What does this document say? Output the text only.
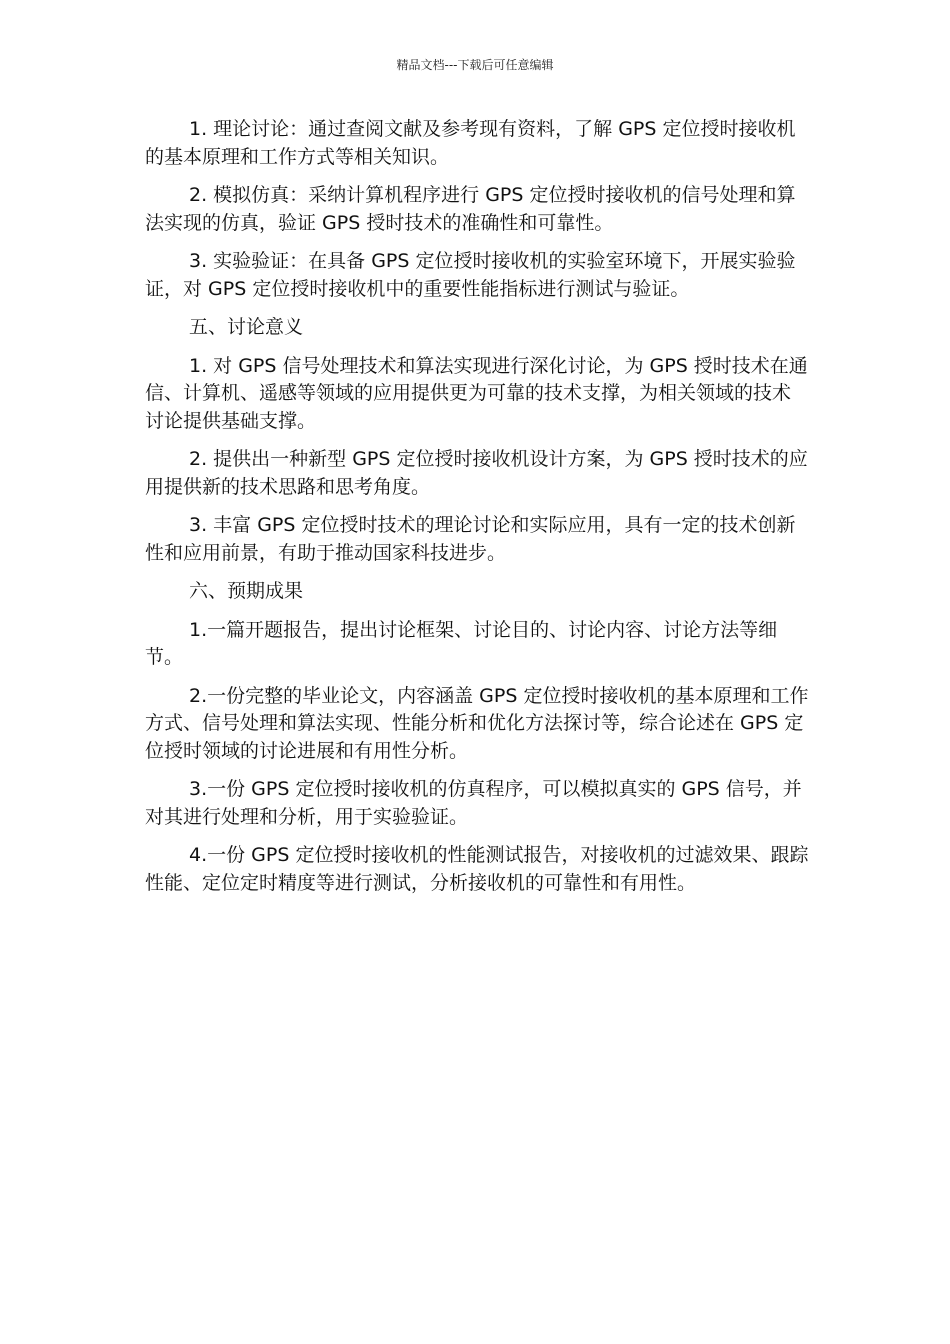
精品文档---下载后可任意编辑

1. 理论讨论：通过查阅文献及参考现有资料，了解 GPS 定位授时接收机的基本原理和工作方式等相关知识。

2. 模拟仿真：采纳计算机程序进行 GPS 定位授时接收机的信号处理和算法实现的仿真，验证 GPS 授时技术的准确性和可靠性。

3. 实验验证：在具备 GPS 定位授时接收机的实验室环境下，开展实验验证，对 GPS 定位授时接收机中的重要性能指标进行测试与验证。

五、讨论意义

1. 对 GPS 信号处理技术和算法实现进行深化讨论，为 GPS 授时技术在通信、计算机、遥感等领域的应用提供更为可靠的技术支撑，为相关领域的技术讨论提供基础支撑。

2. 提供出一种新型 GPS 定位授时接收机设计方案，为 GPS 授时技术的应用提供新的技术思路和思考角度。

3. 丰富 GPS 定位授时技术的理论讨论和实际应用，具有一定的技术创新性和应用前景，有助于推动国家科技进步。

六、预期成果

1.一篇开题报告，提出讨论框架、讨论目的、讨论内容、讨论方法等细节。

2.一份完整的毕业论文，内容涵盖 GPS 定位授时接收机的基本原理和工作方式、信号处理和算法实现、性能分析和优化方法探讨等，综合论述在 GPS 定位授时领域的讨论进展和有用性分析。

3.一份 GPS 定位授时接收机的仿真程序，可以模拟真实的 GPS 信号，并对其进行处理和分析，用于实验验证。

4.一份 GPS 定位授时接收机的性能测试报告，对接收机的过滤效果、跟踪性能、定位定时精度等进行测试，分析接收机的可靠性和有用性。
